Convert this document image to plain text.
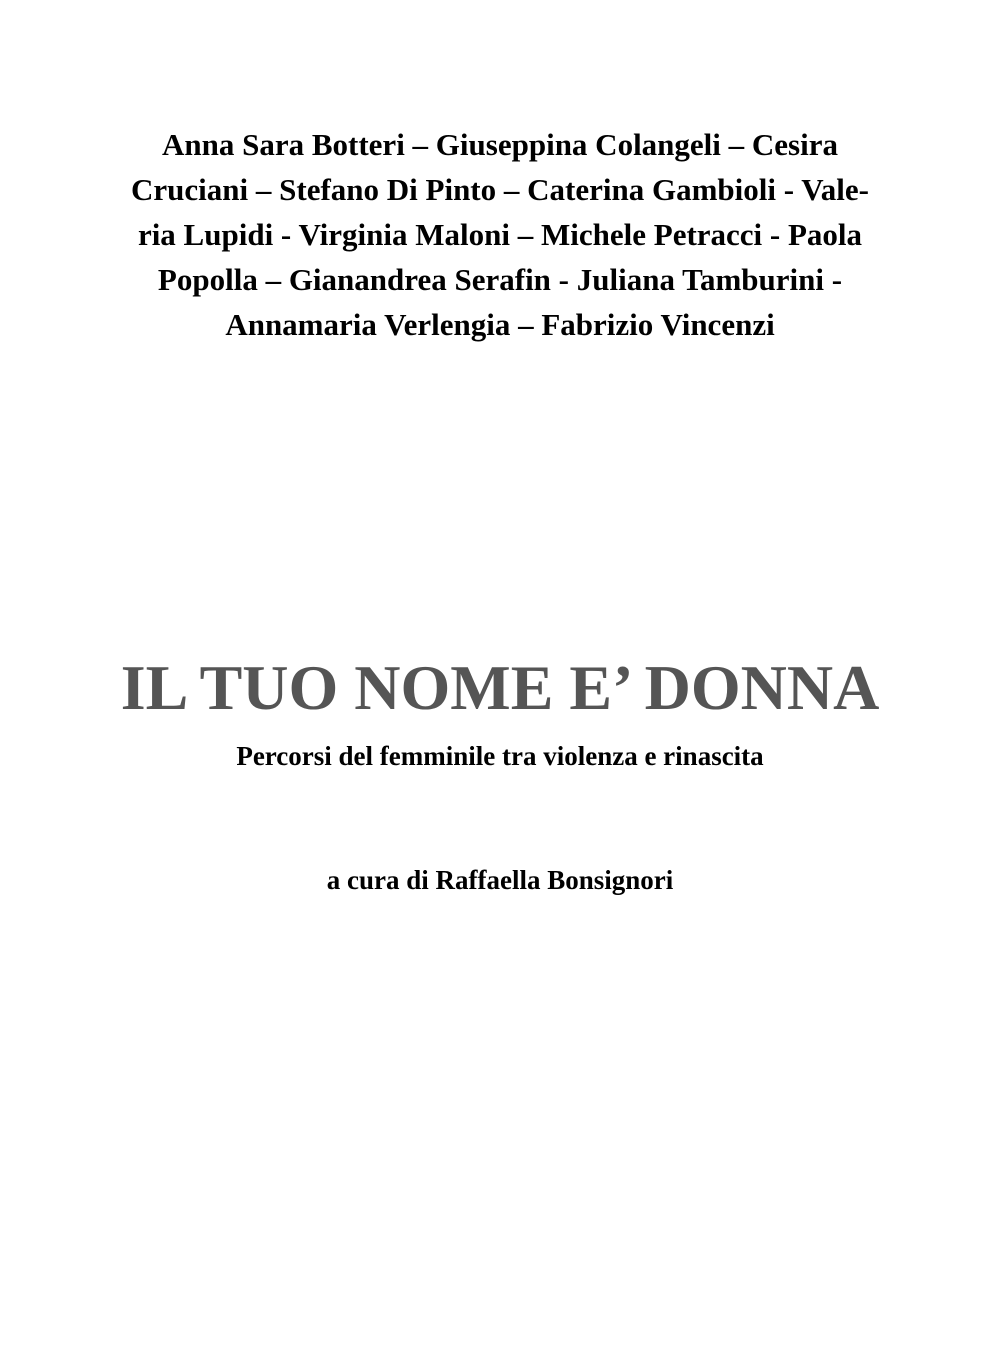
Anna Sara Botteri – Giuseppina Colangeli – Cesira
Cruciani – Stefano Di Pinto – Caterina Gambioli - Vale-
ria Lupidi - Virginia Maloni – Michele Petracci - Paola
Popolla – Gianandrea Serafin - Juliana Tamburini -
Annamaria Verlengia – Fabrizio Vincenzi
IL TUO NOME E’ DONNA
Percorsi del femminile tra violenza e rinascita
a cura di Raffaella Bonsignori
